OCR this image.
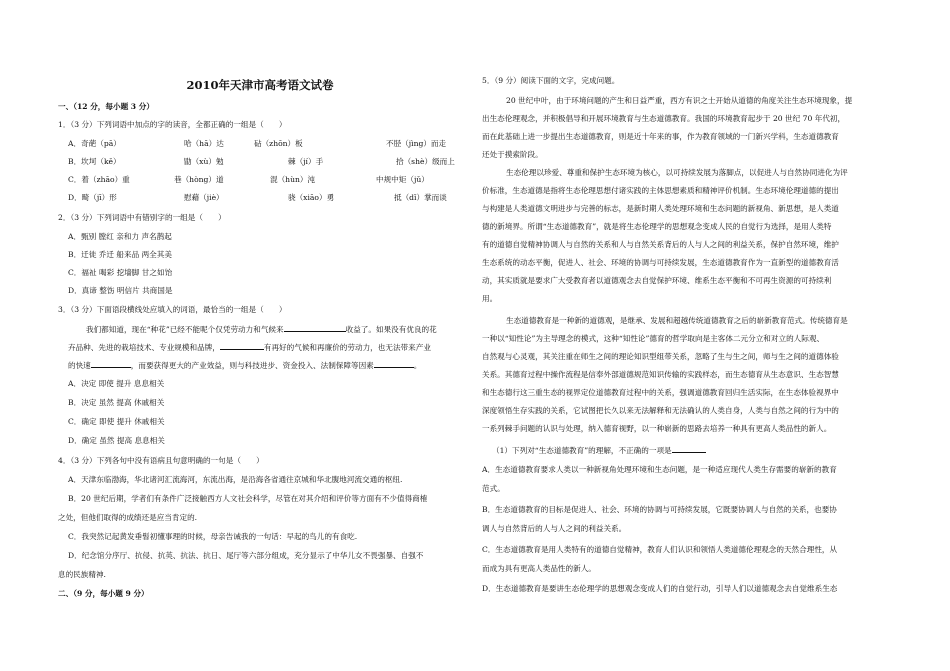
2010年天津市高考语文试卷
一、（12 分，每小题 3 分）
1．（3 分）下列词语中加点的字的读音，全都正确的一组是（　　）
A．奇葩（pā）	哈（hā）达	砧（zhōn）板	不胫（jìng）而走
B．坎坷（kě）	勖（xù）勉	棘（jí）手	拾（shè）级而上
C．着（zhāo）重	巷（hòng）道	混（hùn）沌	中规中矩（jǔ）
D．畸（jī）形	慰藉（jiè）	骁（xiāo）勇	抵（dǐ）掌而谈
2．（3 分）下列词语中有错别字的一组是（　　）
A．甄别 膛红 亲和力 声名鹊起
B．迁徙 乔迁 船来品 两全其美
C．福祉 喝彩 挖墙脚 甘之如饴
D．真谛 整饬 明信片 共商国是
3．（3 分）下面语段横线处应填入的词语，最恰当的一组是（　　）
我们都知道，现在“种花”已经不能呢个仅凭劳动力和气候来	收益了。如果没有优良的花
卉品种、先进的栽培技术、专业规模和品牌，	有再好的气候和再廉价的劳动力，也无法带来产业
的快速	，而要获得更大的产业效益，则与科技进步、资金投入、法制保障等因素	。
A．决定 即使 提升 息息相关
B．决定 虽然 提高 休戚相关
C．确定 即使 提升 休戚相关
D．确定 虽然 提高 息息相关
4．（3 分）下列各句中没有语病且句意明确的一句是（　　）
A．天津东临渤海，华北诸河汇流海河，东流出海，是沿海各省通往京城和华北腹地河流交通的枢纽.
B．20 世纪后期，学者们有条件广泛接触西方人文社会科学，尽管在对其介绍和评价等方面有不少值得商榷
之处，但他们取得的成绩还是应当肯定的.
C．我突然记起黄发垂髫初懂事理的时候，母亲告诫我的一句话：早起的鸟儿的有食吃.
D．纪念馆分序厅、抗侵、抗英、抗法、抗日、尾厅等六部分组成，充分显示了中华儿女不畏强暴、自强不
息的民族精神.
二、（9 分，每小题 9 分）
5．（9 分）阅读下面的文字，完成问题。
20 世纪中叶，由于环境问题的产生和日益严重，西方有识之士开始从道德的角度关注生态环境现象，提
出生态伦理观念，并积极倡导和开展环境教育与生态道德教育。我国的环境教育起步于 20 世纪 70 年代初，
而在此基础上进一步提出生态道德教育，则是近十年来的事，作为教育领域的一门新兴学科，生态道德教育
还处于摸索阶段。
生态伦理以珍爱、尊重和保护生态环境为核心，以可持续发展为落脚点，以促进人与自然协同进化为评
价标准，生态道德是指将生态伦理思想付诸实践的主体思想素质和精神评价机制。生态环境伦理道德的提出
与构建是人类道德文明进步与完善的标志，是新时期人类处理环境和生态问题的新视角、新思想，是人类道
德的新境界。所谓“生态道德教育”，就是将生态伦理学的思想观念变成人民的自觉行为选择，是用人类特
有的道德自觉精神协调人与自然的关系和人与自然关系背后的人与人之间的利益关系，保护自然环境，维护
生态系统的动态平衡，促进人、社会、环境的协调与可持续发展，生态道德教育作为一直新型的道德教育活
动，其实质就是要求广大受教育者以道德观念去自觉保护环境、维系生态平衡和不可再生资源的可持续利
用。
生态道德教育是一种新的道德观，是继承、发展和超越传统道德教育之后的崭新教育范式。传统德育是
一种以“知性论”为主导理念的模式，这种“知性论”德育的哲学取向是主客体二元分立和对立的人际观、
自然观与心灵观，其关注重在师生之间的理论知识型组带关系，忽略了生与生之间，师与生之间的道德体验
关系。其德育过程中操作流程是信奉外部道德规范知识传输的实践样态，而生态德育从生态意识、生态智慧
和生态德行这三重生态的视界定位道德教育过程中的关系，强调道德教育回归生活实际，在生态体验视界中
深度领悟生存实践的关系，它试图把长久以来无法解释和无法确认的人类自身，人类与自然之间的行为中的
一系列棘手问题的认识与处理，纳入德育视野，以一种崭新的思路去培养一种具有更高人类品性的新人。
（1）下列对“生态道德教育”的理解，不正确的一项是
A．生态道德教育要求人类以一种新视角处理环境和生态问题，是一种适应现代人类生存需要的崭新的教育
范式。
B．生态道德教育的目标是促进人、社会、环境的协调与可持续发展，它既要协调人与自然的关系，也要协
调人与自然背后的人与人之间的利益关系。
C．生态道德教育是用人类特有的道德自觉精神，教育人们认识和领悟人类道德伦理观念的天然合理性，从
而成为具有更高人类品性的新人。
D．生态道德教育是要讲生态伦理学的思想观念变成人们的自觉行动，引导人们以道德观念去自觉维系生态
